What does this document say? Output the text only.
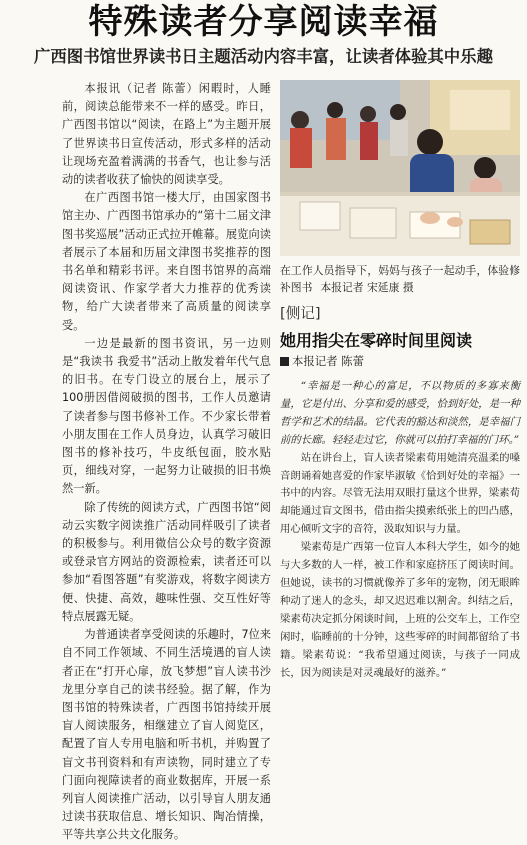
特殊读者分享阅读幸福
广西图书馆世界读书日主题活动内容丰富，让读者体验其中乐趣

本报讯（记者 陈蕾）闲暇时，人睡前，阅读总能带来不一样的感受。昨日，广西图书馆以“阅读，在路上”为主题开展了世界读书日宣传活动，形式多样的活动让现场充盈着满满的书香气，也让参与活动的读者收获了愉快的阅读享受。

在广西图书馆一楼大厅，由国家图书馆主办、广西图书馆承办的“第十二届文津图书奖巡展”活动正式拉开帷幕。展览向读者展示了本届和历届文津图书奖推荐的图书名单和精彩书评。来自图书馆界的高端阅读资讯、作家学者大力推荐的优秀读物，给广大读者带来了高质量的阅读享受。

一边是最新的图书资讯，另一边则是“我读书 我爱书”活动上散发着年代气息的旧书。在专门设立的展台上，展示了100册因借阅破损的图书，工作人员邀请了读者参与图书修补工作。不少家长带着小朋友围在工作人员身边，认真学习破旧图书的修补技巧，牛皮纸包面，胶水贴页，细线对穿，一起努力让破损的旧书焕然一新。

除了传统的阅读方式，广西图书馆“阅动云实数字阅读推广活动同样吸引了读者的积极参与。利用微信公众号的数字资源或登录官方网站的资源检索，读者还可以参加“看图答题”有奖游戏，将数字阅读方便、快捷、高效，趣味性强、交互性好等特点展露无疑。

为普通读者享受阅读的乐趣时，7位来自不同工作领域、不同生活境遇的盲人读者正在“打开心扉，放飞梦想”盲人读书沙龙里分享自己的读书经验。据了解，作为图书馆的特殊读者，广西图书馆持续开展盲人阅读服务，相继建立了盲人阅览区，配置了盲人专用电脑和听书机，并购置了盲文书刊资料和有声读物，同时建立了专门面向视障读者的商业数据库，开展一系列盲人阅读推广活动，以引导盲人朋友通过读书获取信息、增长知识、陶冶情操，平等共享公共文化服务。

在工作人员指导下，妈妈与孩子一起动手，体验修补图书 本报记者 宋延康 摄
[侧记]
她用指尖在零碎时间里阅读
本报记者 陈蕾

“幸福是一种心的富足，不以物质的多寡来衡量，它是付出、分享和爱的感受，恰到好处，是一种哲学和艺术的结晶。它代表的豁达和淡然，是幸福门前的长廊。轻轻走过它，你就可以拍打幸福的门环。”

站在讲台上，盲人读者梁素荀用她清亮温柔的嗓音朗诵着她喜爱的作家毕淑敏《恰到好处的幸福》一书中的内容。尽管无法用双眼打量这个世界，梁素荀却能通过盲文图书，借由指尖摸索纸张上的凹凸感，用心倾听文字的音符，汲取知识与力量。

梁素荀是广西第一位盲人本科大学生，如今的她与大多数的人一样，被工作和家庭挤压了阅读时间。但她说，读书的习惯就像养了多年的宠物，闭无眼眸种动了迷人的念头，却又迟迟难以割舍。纠结之后，梁素荀决定抓分闲谈时间，上班的公交车上，工作空闲时，临睡前的十分钟，这些零碎的时间都留给了书籍。梁素荀说：“我希望通过阅读，与孩子一同成长，因为阅读是对灵魂最好的滋养。”
